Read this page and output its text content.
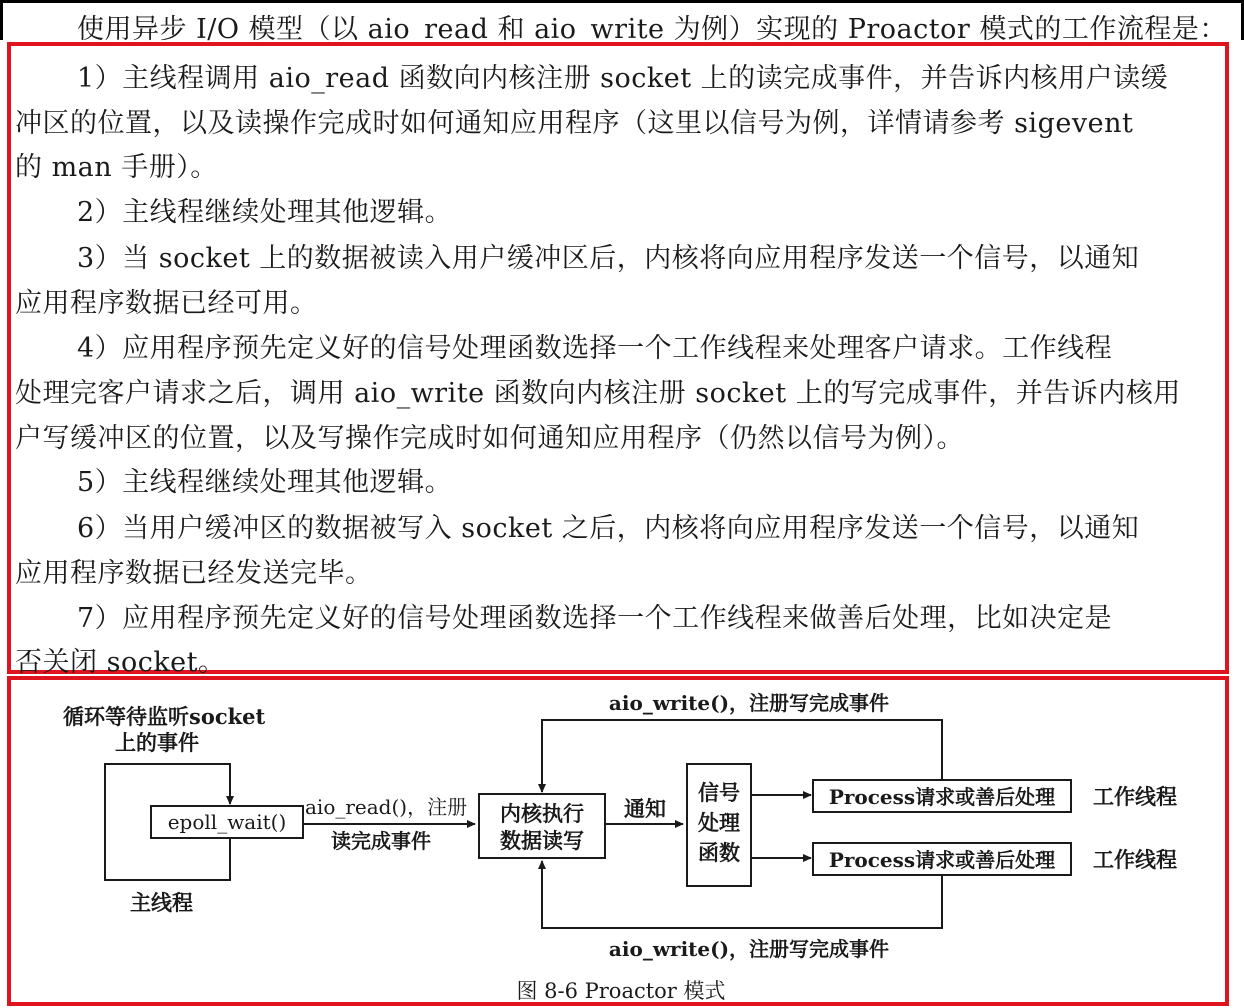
使用异步 I/O 模型（以 aio_read 和 aio_write 为例）实现的 Proactor 模式的工作流程是：
1）主线程调用 aio_read 函数向内核注册 socket 上的读完成事件，并告诉内核用户读缓
冲区的位置，以及读操作完成时如何通知应用程序（这里以信号为例，详情请参考 sigevent
的 man 手册）。
2）主线程继续处理其他逻辑。
3）当 socket 上的数据被读入用户缓冲区后，内核将向应用程序发送一个信号，以通知
应用程序数据已经可用。
4）应用程序预先定义好的信号处理函数选择一个工作线程来处理客户请求。工作线程
处理完客户请求之后，调用 aio_write 函数向内核注册 socket 上的写完成事件，并告诉内核用
户写缓冲区的位置，以及写操作完成时如何通知应用程序（仍然以信号为例）。
5）主线程继续处理其他逻辑。
6）当用户缓冲区的数据被写入 socket 之后，内核将向应用程序发送一个信号，以通知
应用程序数据已经发送完毕。
7）应用程序预先定义好的信号处理函数选择一个工作线程来做善后处理，比如决定是
否关闭 socket。
循环等待监听socket
上的事件
epoll_wait()
主线程
aio_read()，注册
读完成事件
内核执行
数据读写
通知
信号
处理
函数
Process请求或善后处理
Process请求或善后处理
工作线程
工作线程
aio_write()，注册写完成事件
aio_write()，注册写完成事件
图 8-6 Proactor 模式
